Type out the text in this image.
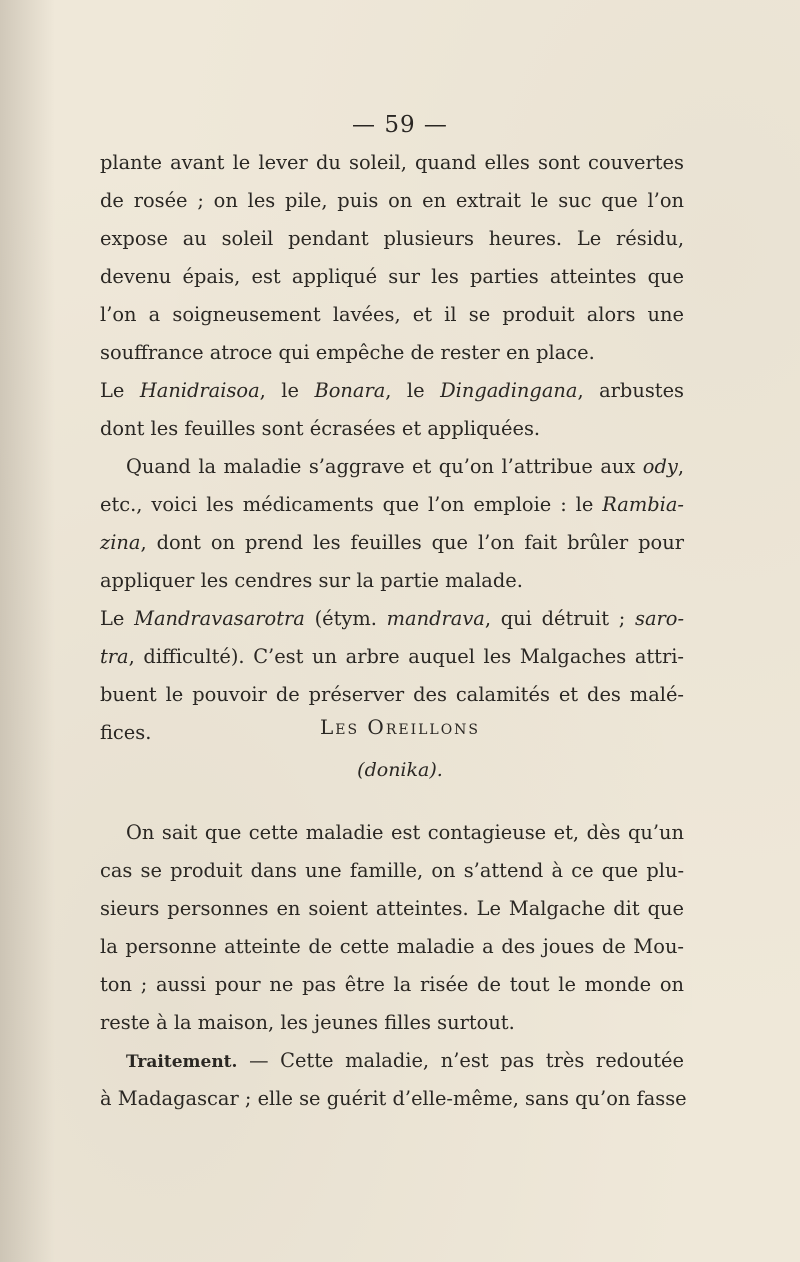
— 59 —
plante avant le lever du soleil, quand elles sont couvertes
de rosée ; on les pile, puis on en extrait le suc que l’on
expose au soleil pendant plusieurs heures. Le résidu,
devenu épais, est appliqué sur les parties atteintes que
l’on a soigneusement lavées, et il se produit alors une
souffrance atroce qui empêche de rester en place.
Le Hanidraisoa, le Bonara, le Dingadingana, arbustes
dont les feuilles sont écrasées et appliquées.
Quand la maladie s’aggrave et qu’on l’attribue aux ody,
etc., voici les médicaments que l’on emploie : le Rambia-
zina, dont on prend les feuilles que l’on fait brûler pour
appliquer les cendres sur la partie malade.
Le Mandravasarotra (étym. mandrava, qui détruit ; saro-
tra, difficulté). C’est un arbre auquel les Malgaches attri-
buent le pouvoir de préserver des calamités et des malé-
fices.	Les Oreillons
(donika).
On sait que cette maladie est contagieuse et, dès qu’un
cas se produit dans une famille, on s’attend à ce que plu-
sieurs personnes en soient atteintes. Le Malgache dit que
la personne atteinte de cette maladie a des joues de Mou-
ton ; aussi pour ne pas être la risée de tout le monde on
reste à la maison, les jeunes filles surtout.
Traitement. — Cette maladie, n’est pas très redoutée
à Madagascar ; elle se guérit d’elle-même, sans qu’on fasse
